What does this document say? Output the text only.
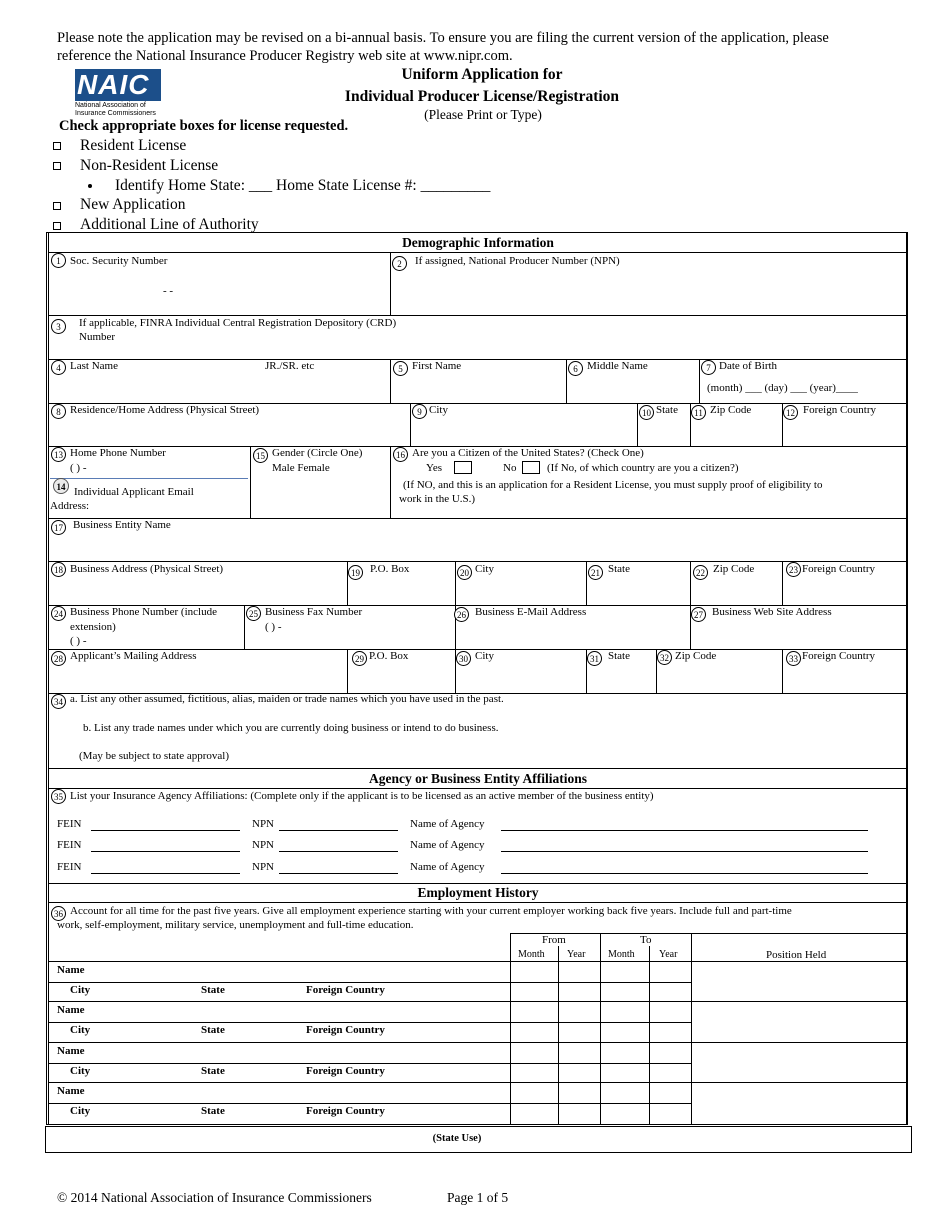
Please note the application may be revised on a bi-annual basis. To ensure you are filing the current version of the application, please
reference the National Insurance Producer Registry web site at www.nipr.com.
NAIC
National Association of
Insurance Commissioners
Uniform Application for
Individual Producer License/Registration
(Please Print or Type)
Check appropriate boxes for license requested.
Resident License
Non-Resident License
Identify Home State: ___ Home State License #: _________
New Application
Additional Line of Authority
Demographic Information
1 Soc. Security Number
- -
2	If assigned, National Producer Number (NPN)
3	If applicable, FINRA Individual Central Registration Depository (CRD)
Number
4 Last Name	JR./SR. etc	5 First Name	6 Middle Name	7 Date of Birth
(month) ___ (day) ___ (year)____
8 Residence/Home Address (Physical Street)	9 City	10 State	11 Zip Code	12 Foreign Country
13 Home Phone Number
( ) -
14 Individual Applicant Email
Address:
15 Gender (Circle One)
Male Female
16 Are you a Citizen of the United States? (Check One)
Yes	No	(If No, of which country are you a citizen?)
(If NO, and this is an application for a Resident License, you must supply proof of eligibility to
work in the U.S.)
17 Business Entity Name
18 Business Address (Physical Street)	19 P.O. Box	20 City	21 State	22 Zip Code	23 Foreign Country
24 Business Phone Number (include
extension)
( ) -
25 Business Fax Number
( ) -
26 Business E-Mail Address	27 Business Web Site Address
28 Applicant’s Mailing Address	29 P.O. Box	30 City	31 State	32 Zip Code	33 Foreign Country
34 a. List any other assumed, fictitious, alias, maiden or trade names which you have used in the past.
b. List any trade names under which you are currently doing business or intend to do business.
(May be subject to state approval)
Agency or Business Entity Affiliations
35 List your Insurance Agency Affiliations: (Complete only if the applicant is to be licensed as an active member of the business entity)
FEIN	NPN	Name of Agency
FEIN	NPN	Name of Agency
FEIN	NPN	Name of Agency
Employment History
36 Account for all time for the past five years. Give all employment experience starting with your current employer working back five years. Include full and part-time
work, self-employment, military service, unemployment and full-time education.
From	To
Month Year Month Year	Position Held
Name
City	State	Foreign Country
Name
City	State	Foreign Country
Name
City	State	Foreign Country
Name
City	State	Foreign Country
(State Use)
© 2014 National Association of Insurance Commissioners	Page 1 of 5
